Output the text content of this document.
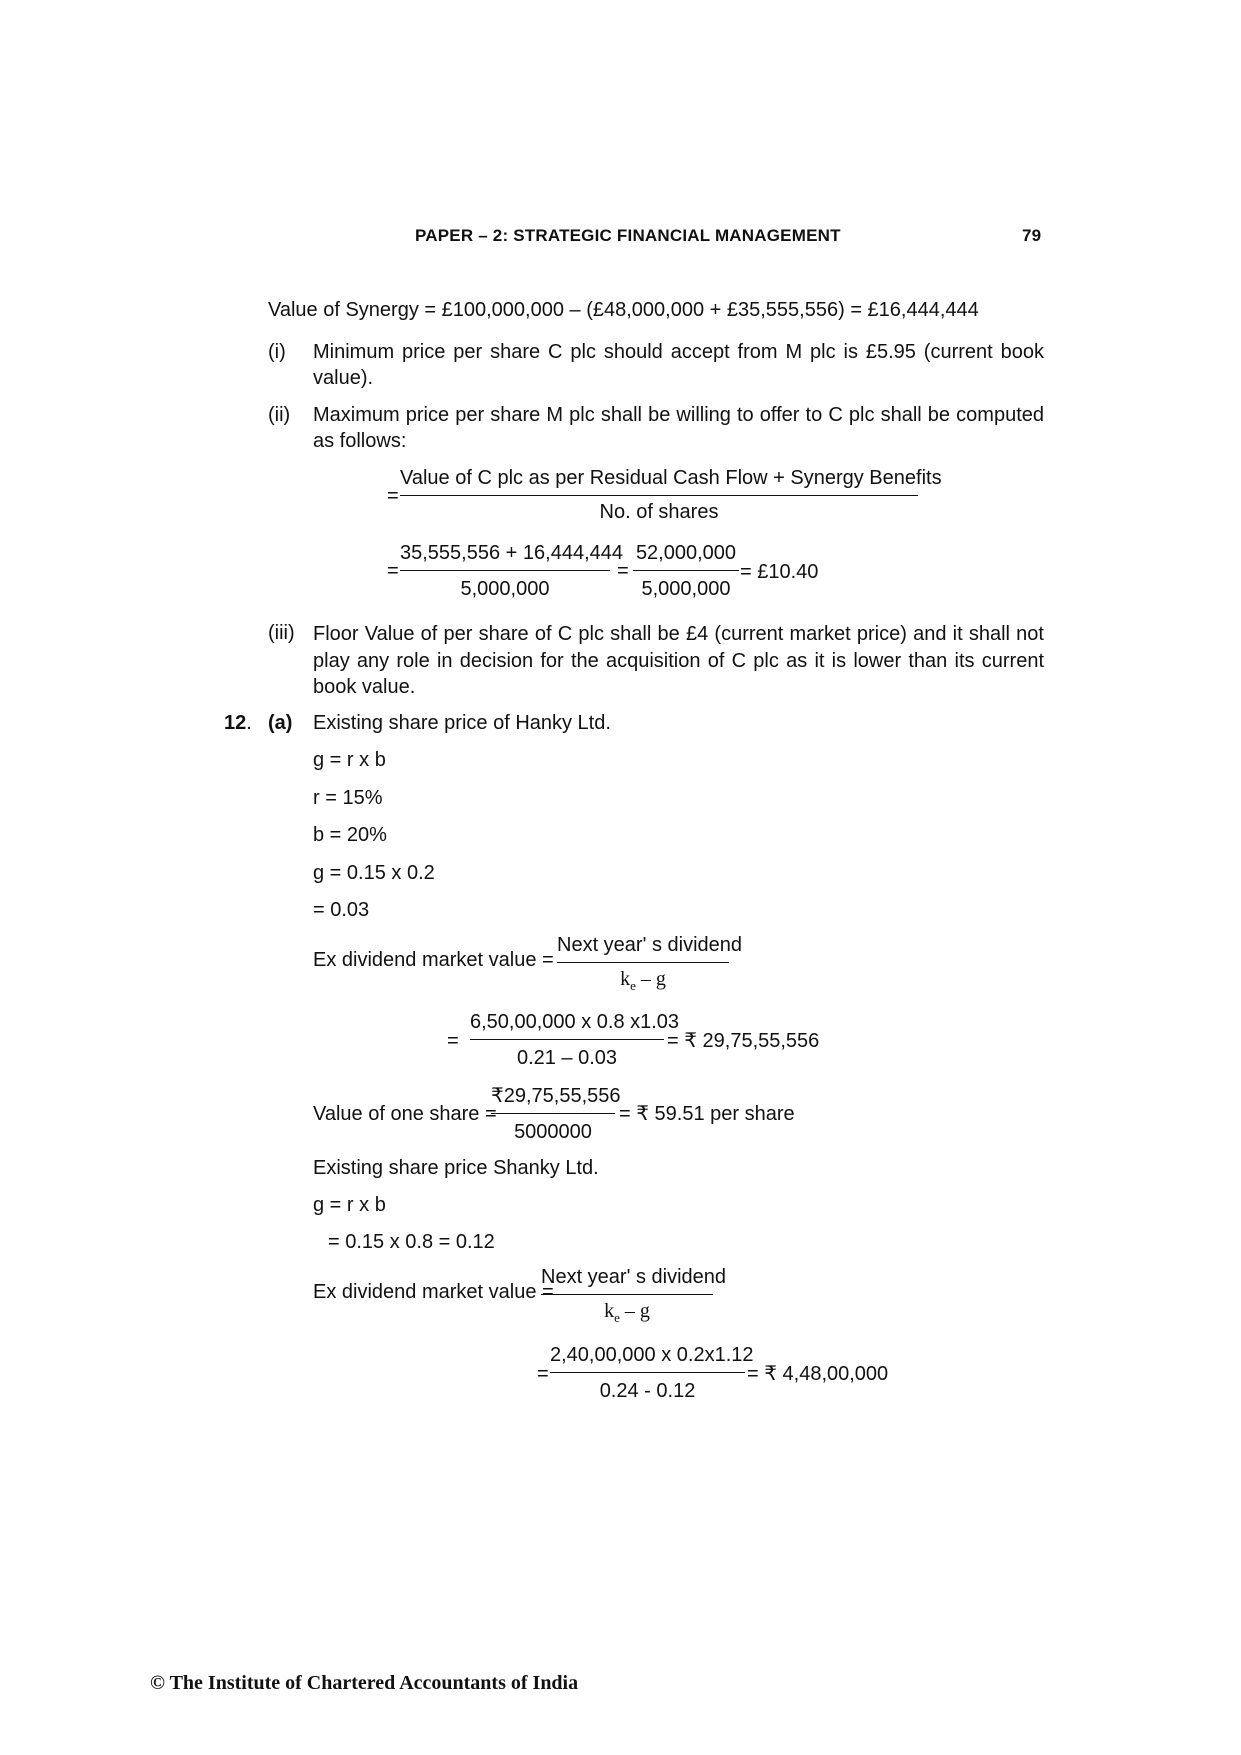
PAPER – 2: STRATEGIC FINANCIAL MANAGEMENT	79
Value of Synergy = £100,000,000 – (£48,000,000 + £35,555,556) = £16,444,444
(i) Minimum price per share C plc should accept from M plc is £5.95 (current book value).
(ii) Maximum price per share M plc shall be willing to offer to C plc shall be computed as follows:
=
Value of C plc as per Residual Cash Flow + Synergy Benefits
No. of shares
=
35,555,556 + 16,444,444
5,000,000
=
52,000,000
5,000,000
= £10.40
(iii) Floor Value of per share of C plc shall be £4 (current market price) and it shall not play any role in decision for the acquisition of C plc as it is lower than its current book value.
12. (a) Existing share price of Hanky Ltd.
g = r x b
r = 15%
b = 20%
g = 0.15 x 0.2
= 0.03
Ex dividend market value =
Next year' s dividend
$k_e$ – g
=
6,50,00,000 x 0.8 x1.03
0.21 – 0.03
= ₹ 29,75,55,556
Value of one share =
₹29,75,55,556
5000000
= ₹ 59.51 per share
Existing share price Shanky Ltd.
g = r x b
= 0.15 x 0.8 = 0.12
Ex dividend market value =
Next year' s dividend
$k_e$ – g
=
2,40,00,000 x 0.2x1.12
0.24 - 0.12
= ₹ 4,48,00,000
© The Institute of Chartered Accountants of India
